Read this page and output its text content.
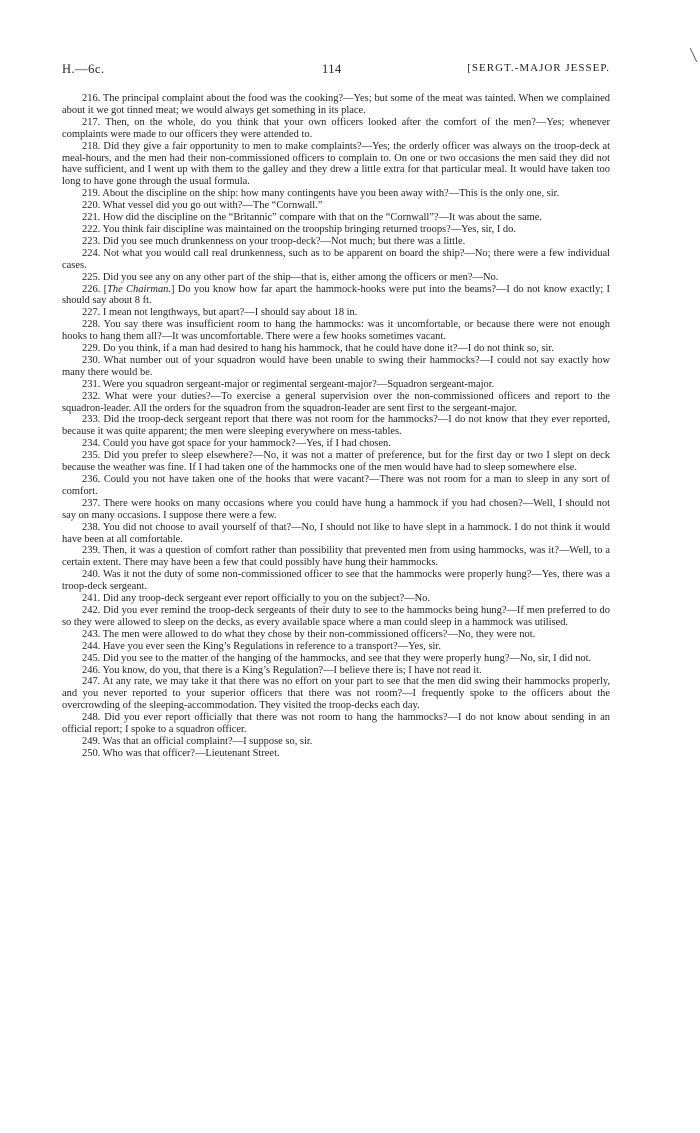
H.—6c.	114	[SERGT.-MAJOR JESSEP.

216. The principal complaint about the food was the cooking?—Yes; but some of the meat was tainted. When we complained about it we got tinned meat; we would always get something in its place.

217. Then, on the whole, do you think that your own officers looked after the comfort of the men?—Yes; whenever complaints were made to our officers they were attended to.

218. Did they give a fair opportunity to men to make complaints?—Yes; the orderly officer was always on the troop-deck at meal-hours, and the men had their non-commissioned officers to complain to. On one or two occasions the men said they did not have sufficient, and I went up with them to the galley and they drew a little extra for that particular meal. It would have taken too long to have gone through the usual formula.

219. About the discipline on the ship: how many contingents have you been away with?—This is the only one, sir.

220. What vessel did you go out with?—The “Cornwall.”

221. How did the discipline on the “Britannic” compare with that on the “Cornwall”?—It was about the same.

222. You think fair discipline was maintained on the troopship bringing returned troops?—Yes, sir, I do.

223. Did you see much drunkenness on your troop-deck?—Not much; but there was a little.

224. Not what you would call real drunkenness, such as to be apparent on board the ship?—No; there were a few individual cases.

225. Did you see any on any other part of the ship—that is, either among the officers or men?—No.

226. [The Chairman.] Do you know how far apart the hammock-hooks were put into the beams?—I do not know exactly; I should say about 8 ft.

227. I mean not lengthways, but apart?—I should say about 18 in.

228. You say there was insufficient room to hang the hammocks: was it uncomfortable, or because there were not enough hooks to hang them all?—It was uncomfortable. There were a few hooks sometimes vacant.

229. Do you think, if a man had desired to hang his hammock, that he could have done it?—I do not think so, sir.

230. What number out of your squadron would have been unable to swing their hammocks?—I could not say exactly how many there would be.

231. Were you squadron sergeant-major or regimental sergeant-major?—Squadron sergeant-major.

232. What were your duties?—To exercise a general supervision over the non-commissioned officers and report to the squadron-leader. All the orders for the squadron from the squadron-leader are sent first to the sergeant-major.

233. Did the troop-deck sergeant report that there was not room for the hammocks?—I do not know that they ever reported, because it was quite apparent; the men were sleeping everywhere on mess-tables.

234. Could you have got space for your hammock?—Yes, if I had chosen.

235. Did you prefer to sleep elsewhere?—No, it was not a matter of preference, but for the first day or two I slept on deck because the weather was fine. If I had taken one of the hammocks one of the men would have had to sleep somewhere else.

236. Could you not have taken one of the hooks that were vacant?—There was not room for a man to sleep in any sort of comfort.

237. There were hooks on many occasions where you could have hung a hammock if you had chosen?—Well, I should not say on many occasions. I suppose there were a few.

238. You did not choose to avail yourself of that?—No, I should not like to have slept in a hammock. I do not think it would have been at all comfortable.

239. Then, it was a question of comfort rather than possibility that prevented men from using hammocks, was it?—Well, to a certain extent. There may have been a few that could possibly have hung their hammocks.

240. Was it not the duty of some non-commissioned officer to see that the hammocks were properly hung?—Yes, there was a troop-deck sergeant.

241. Did any troop-deck sergeant ever report officially to you on the subject?—No.

242. Did you ever remind the troop-deck sergeants of their duty to see to the hammocks being hung?—If men preferred to do so they were allowed to sleep on the decks, as every available space where a man could sleep in a hammock was utilised.

243. The men were allowed to do what they chose by their non-commissioned officers?—No, they were not.

244. Have you ever seen the King’s Regulations in reference to a transport?—Yes, sir.

245. Did you see to the matter of the hanging of the hammocks, and see that they were properly hung?—No, sir, I did not.

246. You know, do you, that there is a King’s Regulation?—I believe there is; I have not read it.

247. At any rate, we may take it that there was no effort on your part to see that the men did swing their hammocks properly, and you never reported to your superior officers that there was not room?—I frequently spoke to the officers about the overcrowding of the sleeping-accommodation. They visited the troop-decks each day.

248. Did you ever report officially that there was not room to hang the hammocks?—I do not know about sending in an official report; I spoke to a squadron officer.

249. Was that an official complaint?—I suppose so, sir.

250. Who was that officer?—Lieutenant Street.
